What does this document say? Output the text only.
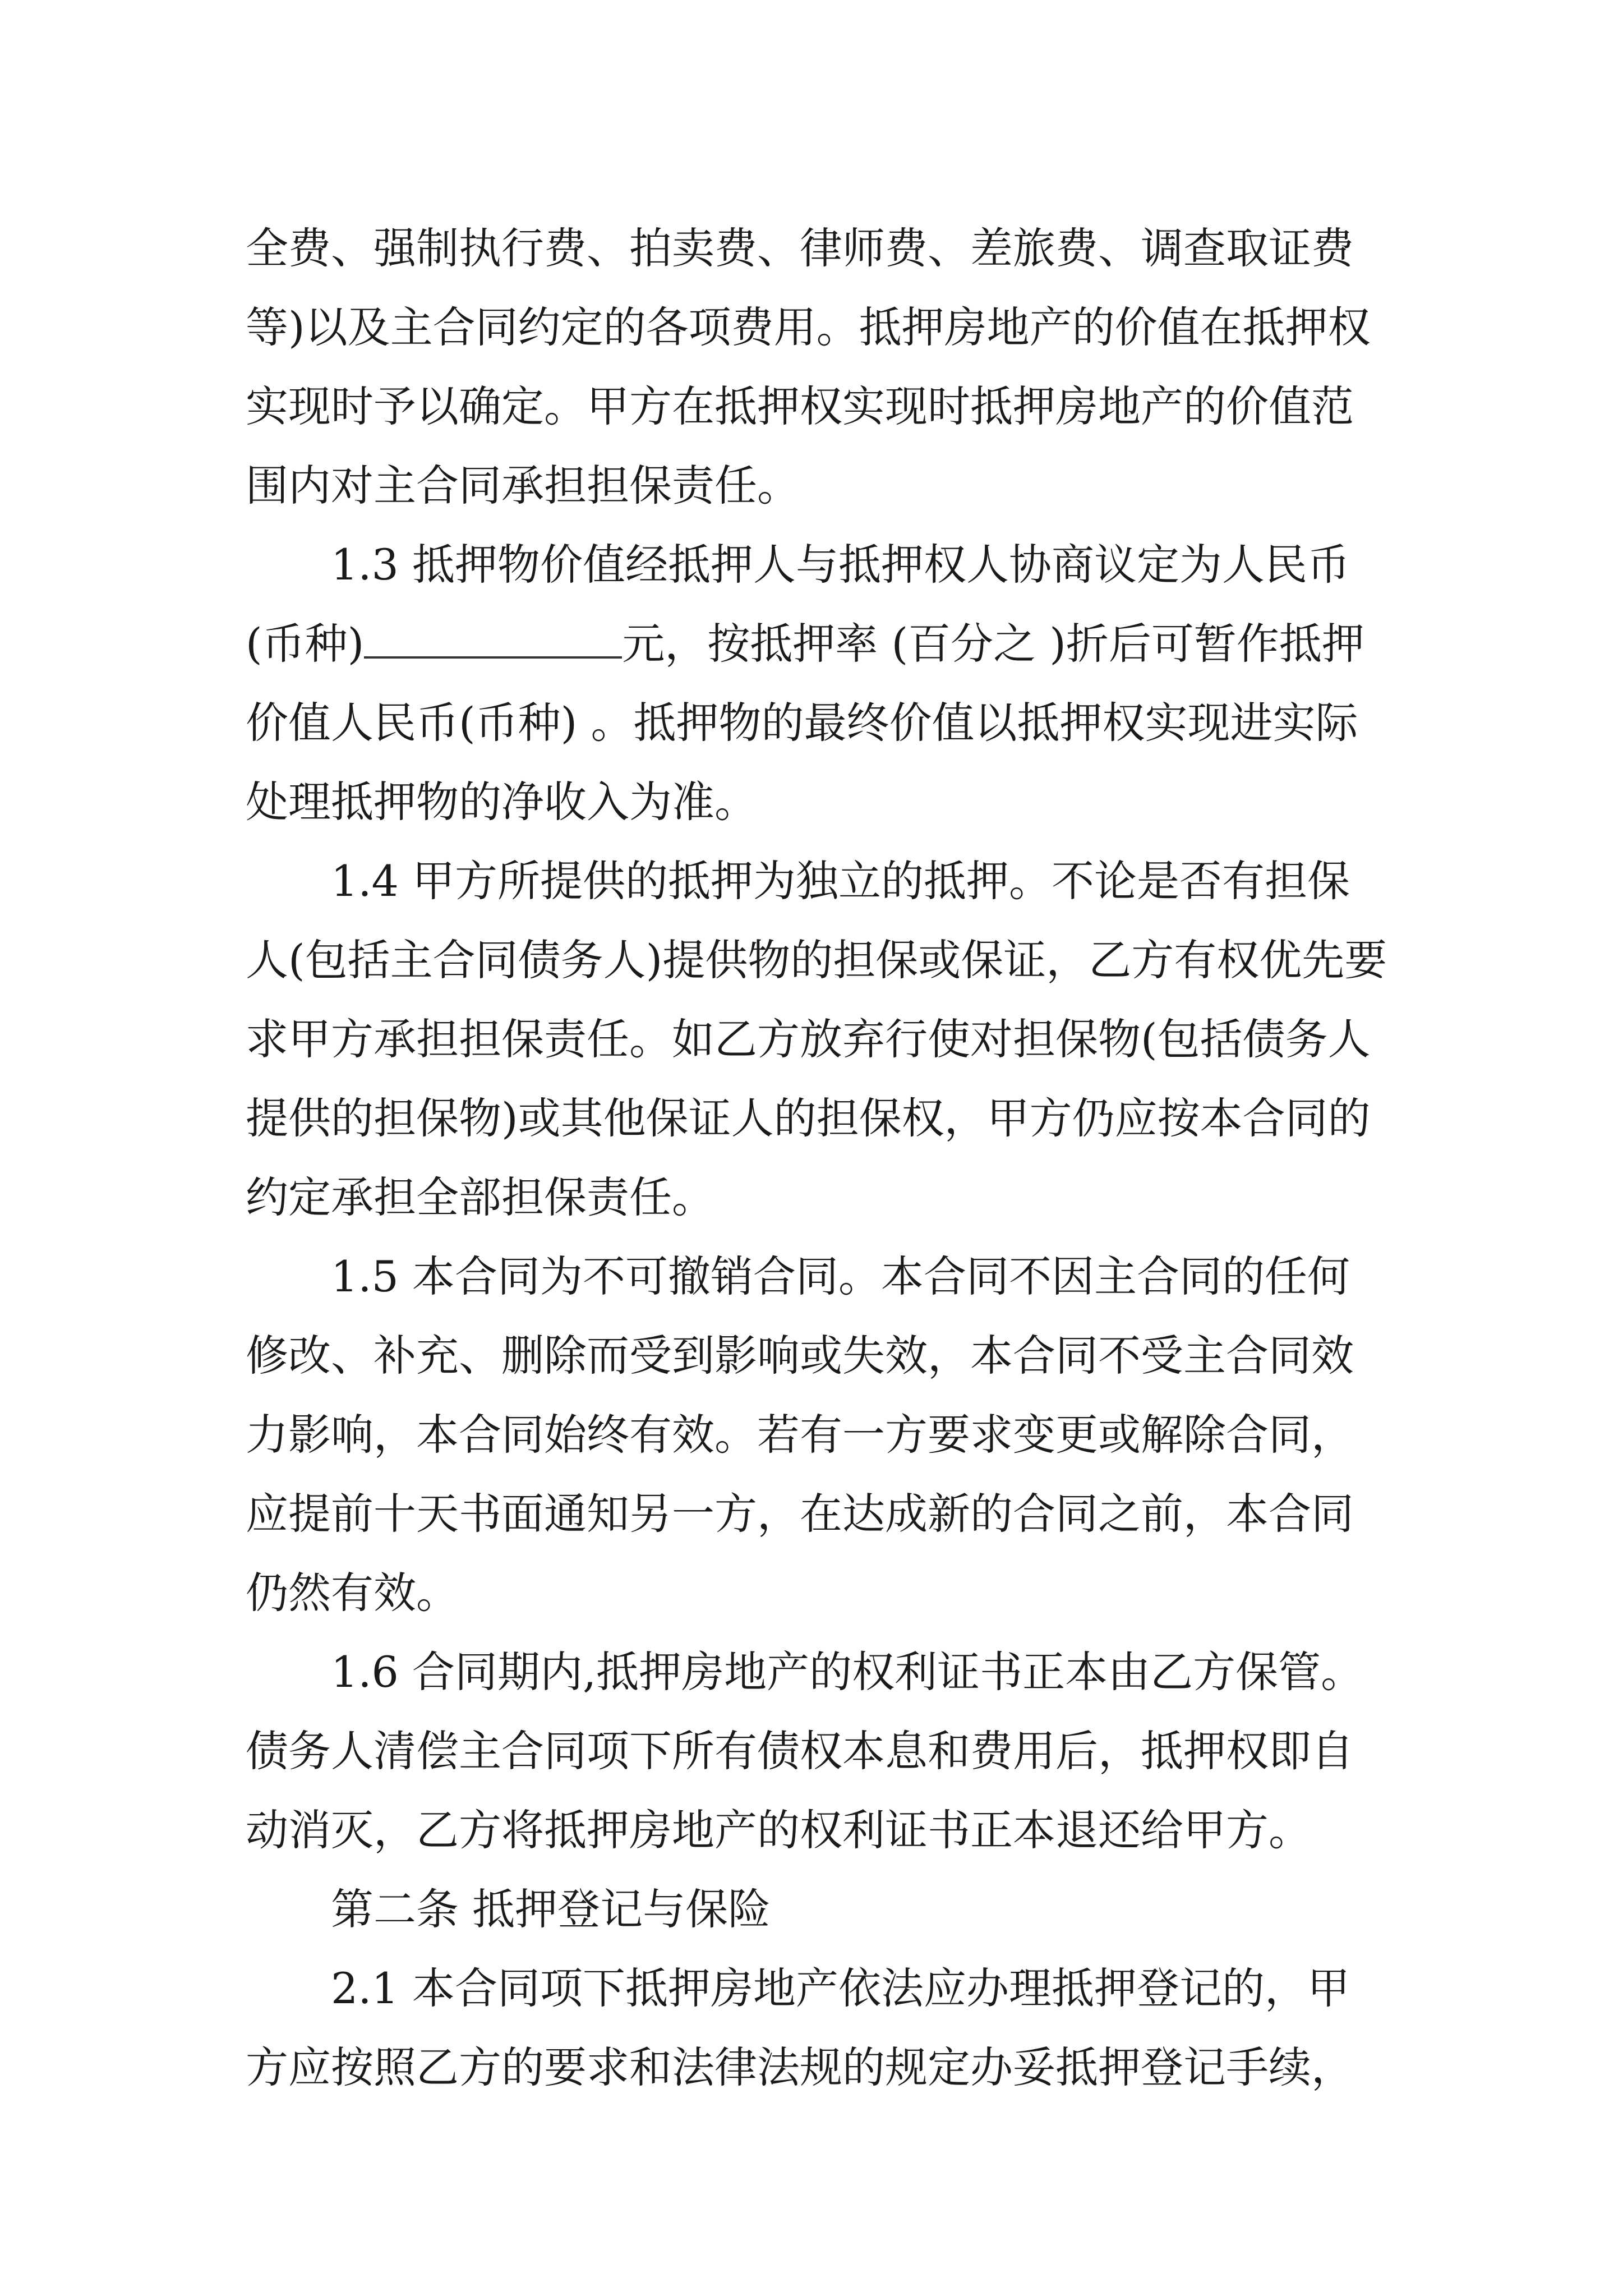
全费、强制执行费、拍卖费、律师费、差旅费、调查取证费等)以及主合同约定的各项费用。抵押房地产的价值在抵押权实现时予以确定。甲方在抵押权实现时抵押房地产的价值范围内对主合同承担担保责任。

1.3 抵押物价值经抵押人与抵押权人协商议定为人民币(币种)	元，按抵押率 (百分之 )折后可暂作抵押价值人民币(币种) 。抵押物的最终价值以抵押权实现进实际处理抵押物的净收入为准。

1.4 甲方所提供的抵押为独立的抵押。不论是否有担保人(包括主合同债务人)提供物的担保或保证，乙方有权优先要求甲方承担担保责任。如乙方放弃行使对担保物(包括债务人提供的担保物)或其他保证人的担保权，甲方仍应按本合同的约定承担全部担保责任。

1.5 本合同为不可撤销合同。本合同不因主合同的任何修改、补充、删除而受到影响或失效，本合同不受主合同效力影响，本合同始终有效。若有一方要求变更或解除合同，应提前十天书面通知另一方，在达成新的合同之前，本合同仍然有效。

1.6 合同期内,抵押房地产的权利证书正本由乙方保管。债务人清偿主合同项下所有债权本息和费用后，抵押权即自动消灭，乙方将抵押房地产的权利证书正本退还给甲方。

第二条 抵押登记与保险

2.1 本合同项下抵押房地产依法应办理抵押登记的，甲方应按照乙方的要求和法律法规的规定办妥抵押登记手续，
